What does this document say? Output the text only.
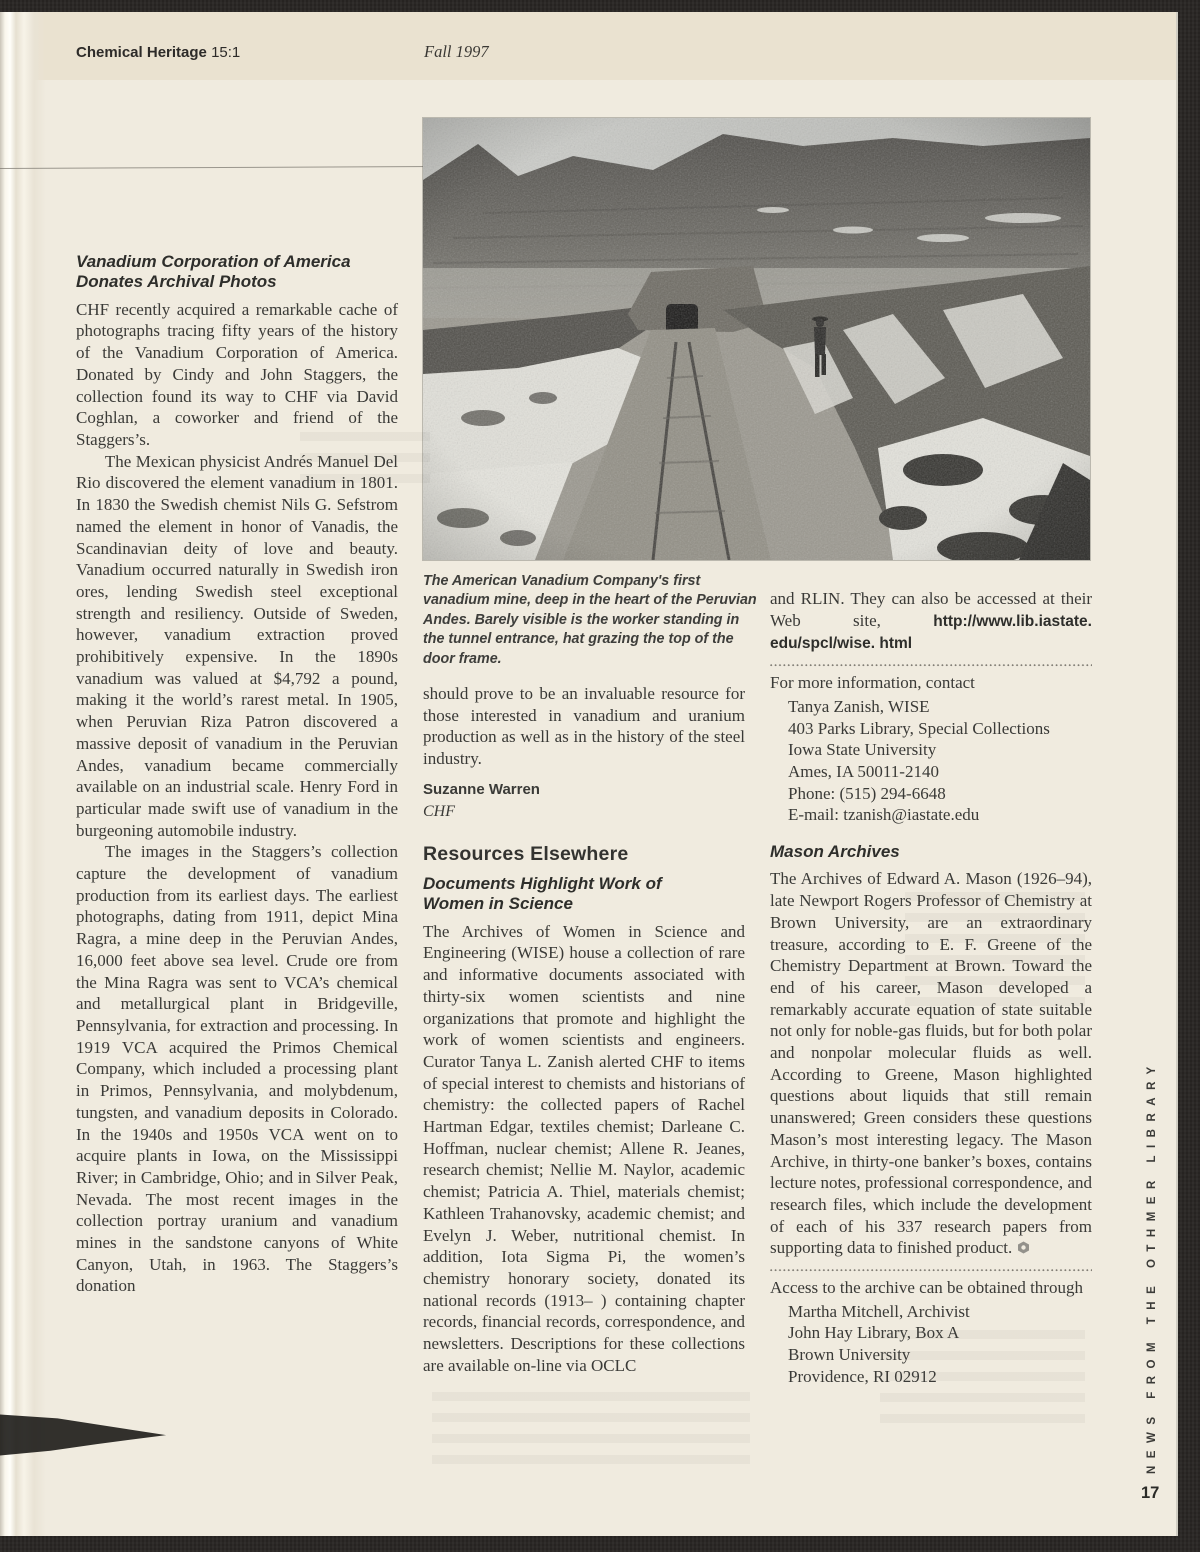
Chemical Heritage 15:1	Fall 1997
The American Vanadium Company's first vanadium mine, deep in the heart of the Peruvian Andes. Barely visible is the worker standing in the tunnel entrance, hat grazing the top of the door frame.
Vanadium Corporation of America
Donates Archival Photos

CHF recently acquired a remarkable cache of photographs tracing fifty years of the history of the Vanadium Corporation of America. Donated by Cindy and John Staggers, the collection found its way to CHF via David Coghlan, a coworker and friend of the Staggers’s.

The Mexican physicist Andrés Manuel Del Rio discovered the element vanadium in 1801. In 1830 the Swedish chemist Nils G. Sefstrom named the element in honor of Vanadis, the Scandinavian deity of love and beauty. Vanadium occurred naturally in Swedish iron ores, lending Swedish steel exceptional strength and resiliency. Outside of Sweden, however, vanadium extraction proved prohibitively expensive. In the 1890s vanadium was valued at $4,792 a pound, making it the world’s rarest metal. In 1905, when Peruvian Riza Patron discovered a massive deposit of vanadium in the Peruvian Andes, vanadium became commercially available on an industrial scale. Henry Ford in particular made swift use of vanadium in the burgeoning automobile industry.

The images in the Staggers’s collection capture the development of vanadium production from its earliest days. The earliest photographs, dating from 1911, depict Mina Ragra, a mine deep in the Peruvian Andes, 16,000 feet above sea level. Crude ore from the Mina Ragra was sent to VCA’s chemical and metallurgical plant in Bridgeville, Pennsylvania, for extraction and processing. In 1919 VCA acquired the Primos Chemical Company, which included a processing plant in Primos, Pennsylvania, and molybdenum, tungsten, and vanadium deposits in Colorado. In the 1940s and 1950s VCA went on to acquire plants in Iowa, on the Mississippi River; in Cambridge, Ohio; and in Silver Peak, Nevada. The most recent images in the collection portray uranium and vanadium mines in the sandstone canyons of White Canyon, Utah, in 1963. The Staggers’s donation

should prove to be an invaluable resource for those interested in vanadium and uranium production as well as in the history of the steel industry.

Suzanne Warren
CHF
Resources Elsewhere
Documents Highlight Work of
Women in Science

The Archives of Women in Science and Engineering (WISE) house a collection of rare and informative documents associated with thirty-six women scientists and nine organizations that promote and highlight the work of women scientists and engineers. Curator Tanya L. Zanish alerted CHF to items of special interest to chemists and historians of chemistry: the collected papers of Rachel Hartman Edgar, textiles chemist; Darleane C. Hoffman, nuclear chemist; Allene R. Jeanes, research chemist; Nellie M. Naylor, academic chemist; Patricia A. Thiel, materials chemist; Kathleen Trahanovsky, academic chemist; and Evelyn J. Weber, nutritional chemist. In addition, Iota Sigma Pi, the women’s chemistry honorary society, donated its national records (1913– ) containing chapter records, financial records, correspondence, and newsletters. Descriptions for these collections are available on-line via OCLC

and RLIN. They can also be accessed at their Web site, http://www.lib.iastate. edu/spcl/wise. html

For more information, contact
Tanya Zanish, WISE
403 Parks Library, Special Collections
Iowa State University
Ames, IA 50011-2140
Phone: (515) 294-6648
E-mail: tzanish@iastate.edu
Mason Archives

The Archives of Edward A. Mason (1926–94), late Newport Rogers Professor of Chemistry at Brown University, are an extraordinary treasure, according to E. F. Greene of the Chemistry Department at Brown. Toward the end of his career, Mason developed a remarkably accurate equation of state suitable not only for noble-gas fluids, but for both polar and nonpolar molecular fluids as well. According to Greene, Mason highlighted questions about liquids that still remain unanswered; Green considers these questions Mason’s most interesting legacy. The Mason Archive, in thirty-one banker’s boxes, contains lecture notes, professional correspondence, and research files, which include the development of each of his 337 research papers from supporting data to finished product.

Access to the archive can be obtained through
Martha Mitchell, Archivist
John Hay Library, Box A
Brown University
Providence, RI 02912	NEWS FROM THE OTHMER LIBRARY
17
